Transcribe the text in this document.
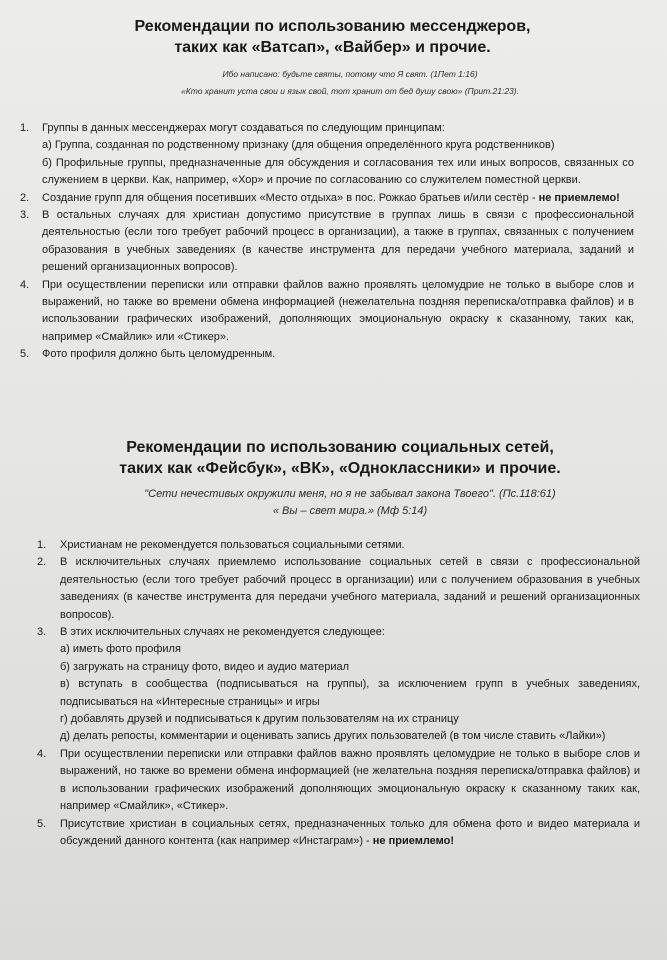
Рекомендации по использованию мессенджеров,
таких как «Ватсап», «Вайбер» и прочие.
Ибо написано: будьте святы, потому что Я свят. (1Пет 1:16)
«Кто хранит уста свои и язык свой, тот хранит от бед душу свою» (Прит.21:23).
1. Группы в данных мессенджерах могут создаваться по следующим принципам:
а) Группа, созданная по родственному признаку (для общения определённого круга родственников)
б) Профильные группы, предназначенные для обсуждения и согласования тех или иных вопросов, связанных со служением в церкви. Как, например, «Хор» и прочие по согласованию со служителем поместной церкви.
2. Создание групп для общения посетивших «Место отдыха» в пос. Рожкао братьев и/или сестёр - не приемлемо!
3. В остальных случаях для христиан допустимо присутствие в группах лишь в связи с профессиональной деятельностью (если того требует рабочий процесс в организации), а также в группах, связанных с получением образования в учебных заведениях (в качестве инструмента для передачи учебного материала, заданий и решений организационных вопросов).
4. При осуществлении переписки или отправки файлов важно проявлять целомудрие не только в выборе слов и выражений, но также во времени обмена информацией (нежелательна поздняя переписка/отправка файлов) и в использовании графических изображений, дополняющих эмоциональную окраску к сказанному, таких как, например «Смайлик» или «Стикер».
5. Фото профиля должно быть целомудренным.
Рекомендации по использованию социальных сетей,
таких как «Фейсбук», «ВК», «Одноклассники» и прочие.
"Сети нечестивых окружили меня, но я не забывал закона Твоего". (Пс.118:61)
« Вы – свет мира.» (Мф 5:14)
1. Христианам не рекомендуется пользоваться социальными сетями.
2. В исключительных случаях приемлемо использование социальных сетей в связи с профессиональной деятельностью (если того требует рабочий процесс в организации) или с получением образования в учебных заведениях (в качестве инструмента для передачи учебного материала, заданий и решений организационных вопросов).
3. В этих исключительных случаях не рекомендуется следующее:
а) иметь фото профиля
б) загружать на страницу фото, видео и аудио материал
в) вступать в сообщества (подписываться на группы), за исключением групп в учебных заведениях, подписываться на «Интересные страницы» и игры
г) добавлять друзей и подписываться к другим пользователям на их страницу
д) делать репосты, комментарии и оценивать запись других пользователей (в том числе ставить «Лайки»)
4. При осуществлении переписки или отправки файлов важно проявлять целомудрие не только в выборе слов и выражений, но также во времени обмена информацией (не желательна поздняя переписка/отправка файлов) и в использовании графических изображений дополняющих эмоциональную окраску к сказанному таких как, например «Смайлик», «Стикер».
5. Присутствие христиан в социальных сетях, предназначенных только для обмена фото и видео материала и обсуждений данного контента (как например «Инстаграм») - не приемлемо!
